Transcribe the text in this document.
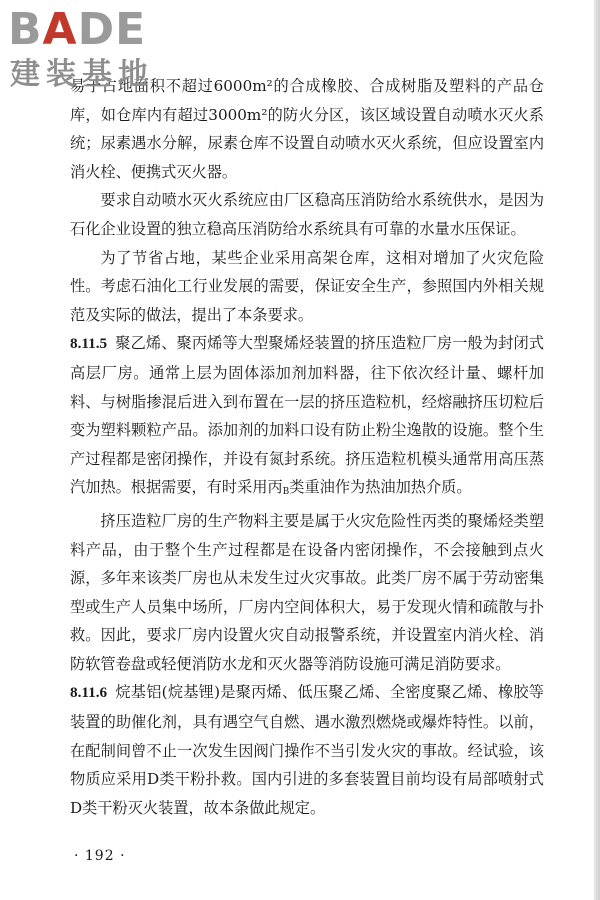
BADE
建装基地

易于占地面积不超过6000m²的合成橡胶、合成树脂及塑料的产品仓库，如仓库内有超过3000m²的防火分区，该区域设置自动喷水灭火系统；尿素遇水分解，尿素仓库不设置自动喷水灭火系统，但应设置室内消火栓、便携式灭火器。

要求自动喷水灭火系统应由厂区稳高压消防给水系统供水，是因为石化企业设置的独立稳高压消防给水系统具有可靠的水量水压保证。

为了节省占地，某些企业采用高架仓库，这相对增加了火灾危险性。考虑石油化工行业发展的需要，保证安全生产，参照国内外相关规范及实际的做法，提出了本条要求。

8.11.5 聚乙烯、聚丙烯等大型聚烯烃装置的挤压造粒厂房一般为封闭式高层厂房。通常上层为固体添加剂加料器，往下依次经计量、螺杆加料、与树脂掺混后进入到布置在一层的挤压造粒机，经熔融挤压切粒后变为塑料颗粒产品。添加剂的加料口设有防止粉尘逸散的设施。整个生产过程都是密闭操作，并设有氮封系统。挤压造粒机模头通常用高压蒸汽加热。根据需要，有时采用丙$_B$类重油作为热油加热介质。

挤压造粒厂房的生产物料主要是属于火灾危险性丙类的聚烯烃类塑料产品，由于整个生产过程都是在设备内密闭操作，不会接触到点火源，多年来该类厂房也从未发生过火灾事故。此类厂房不属于劳动密集型或生产人员集中场所，厂房内空间体积大，易于发现火情和疏散与扑救。因此，要求厂房内设置火灾自动报警系统，并设置室内消火栓、消防软管卷盘或轻便消防水龙和灭火器等消防设施可满足消防要求。

8.11.6 烷基铝(烷基锂)是聚丙烯、低压聚乙烯、全密度聚乙烯、橡胶等装置的助催化剂，具有遇空气自燃、遇水激烈燃烧或爆炸特性。以前，在配制间曾不止一次发生因阀门操作不当引发火灾的事故。经试验，该物质应采用D类干粉扑救。国内引进的多套装置目前均设有局部喷射式D类干粉灭火装置，故本条做此规定。

· 192 ·
